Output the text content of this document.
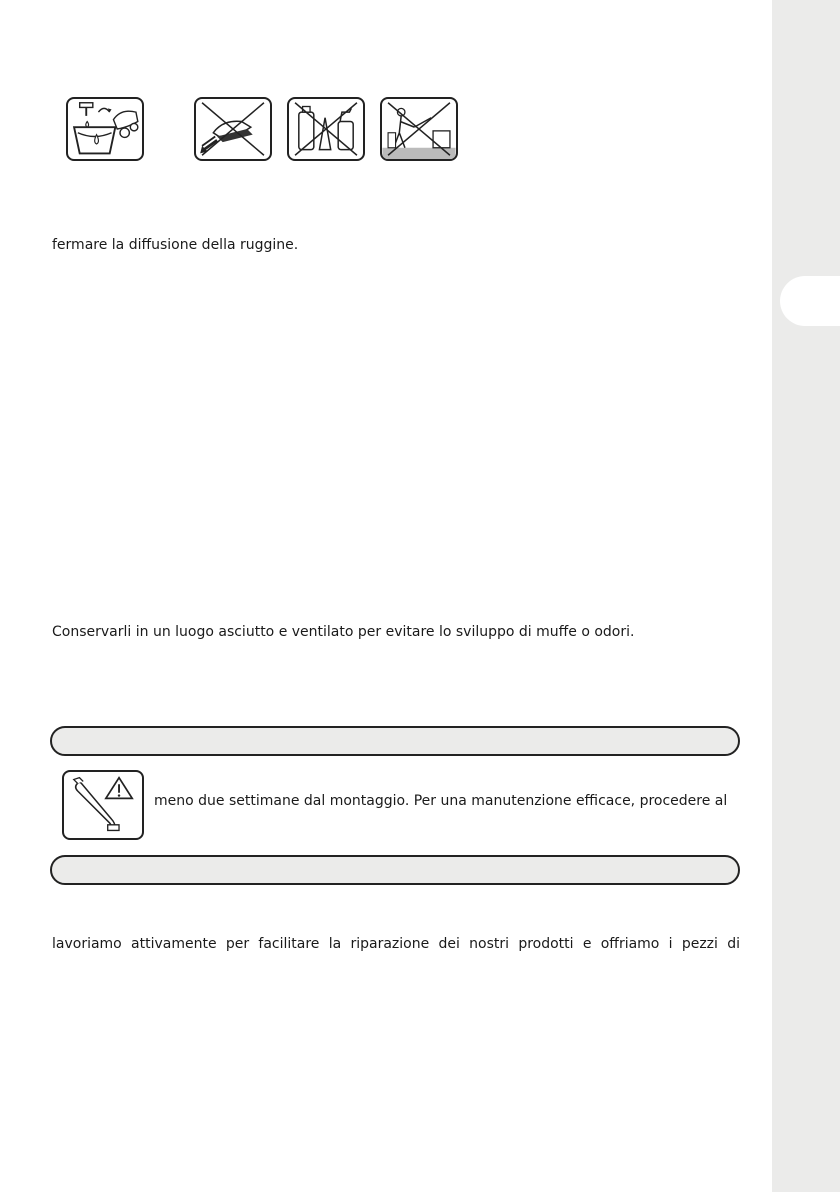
fermare la diffusione della ruggine.
Conservarli in un luogo asciutto e ventilato per evitare lo sviluppo di muffe o odori.
meno due settimane dal montaggio. Per una manutenzione efficace, procedere al
lavoriamo attivamente per facilitare la riparazione dei nostri prodotti e offriamo i pezzi di
